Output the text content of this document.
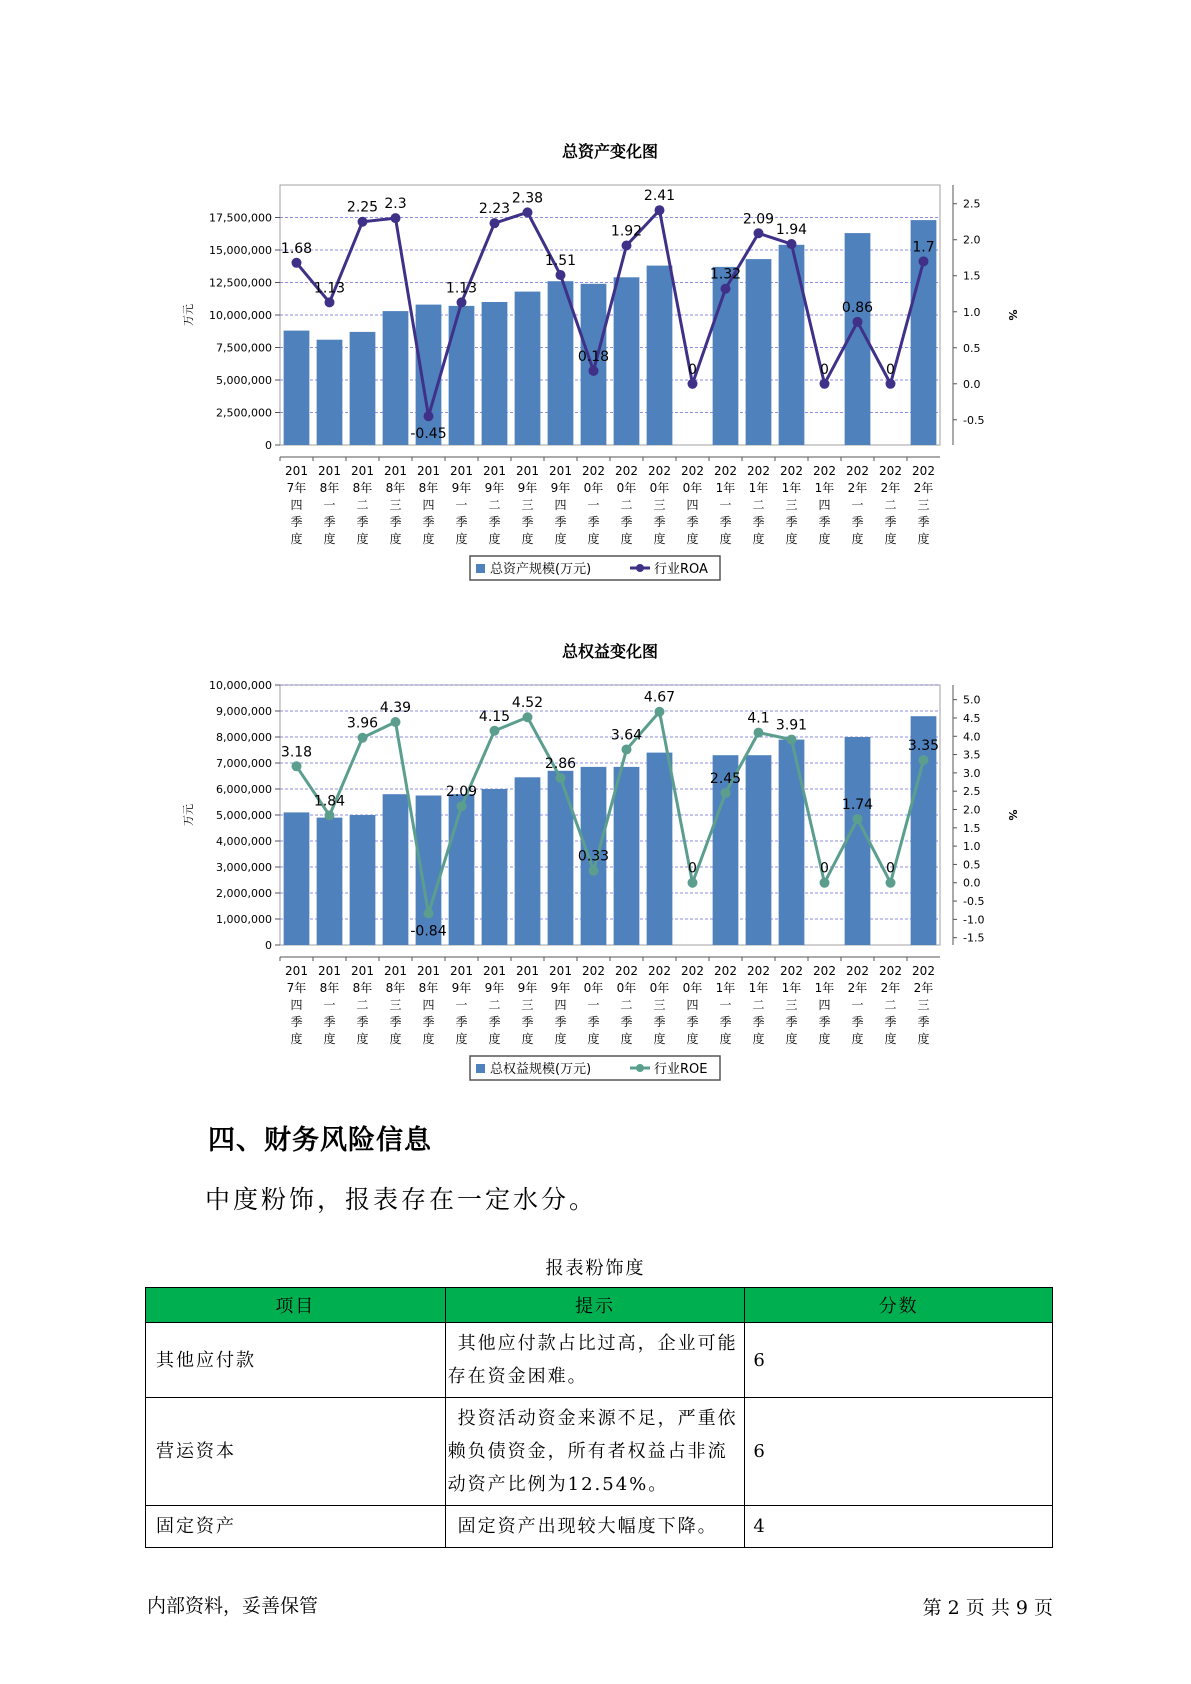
总资产变化图
0
2,500,000
5,000,000
7,500,000
10,000,000
12,500,000
15,000,000
17,500,000
万元
-0.5
0.0
0.5
1.0
1.5
2.0
2.5
%
201
7年
四
季
度
201
8年
一
季
度
201
8年
二
季
度
201
8年
三
季
度
201
8年
四
季
度
201
9年
一
季
度
201
9年
二
季
度
201
9年
三
季
度
201
9年
四
季
度
202
0年
一
季
度
202
0年
二
季
度
202
0年
三
季
度
202
0年
四
季
度
202
1年
一
季
度
202
1年
二
季
度
202
1年
三
季
度
202
1年
四
季
度
202
2年
一
季
度
202
2年
二
季
度
202
2年
三
季
度
1.68
1.13
2.25 2.3
-0.45
1.13
2.23
2.38
1.51
0.18
1.92
2.41
0
1.32
2.09
1.94
0
0.86
0
1.7
总资产规模(万元)	行业ROA
总权益变化图
0
1,000,000
2,000,000
3,000,000
4,000,000
5,000,000
6,000,000
7,000,000
8,000,000
9,000,000
10,000,000
万元
-1.5
-1.0
-0.5
0.0
0.5
1.0
1.5
2.0
2.5
3.0
3.5
4.0
4.5
5.0
%
201
7年
四
季
度
201
8年
一
季
度
201
8年
二
季
度
201
8年
三
季
度
201
8年
四
季
度
201
9年
一
季
度
201
9年
二
季
度
201
9年
三
季
度
201
9年
四
季
度
202
0年
一
季
度
202
0年
二
季
度
202
0年
三
季
度
202
0年
四
季
度
202
1年
一
季
度
202
1年
二
季
度
202
1年
三
季
度
202
1年
四
季
度
202
2年
一
季
度
202
2年
二
季
度
202
2年
三
季
度
3.18
1.84
3.96
4.39
-0.84
2.09
4.15
4.52
2.86
0.33
3.64
4.67
0
2.45
4.1 3.91
0
1.74
0
3.35
总权益规模(万元)	行业ROE
四、财务风险信息
中度粉饰，报表存在一定水分。
报表粉饰度
项目	提示	分数
其他应付款	其他应付款占比过高，企业可能存在资金困难。	6
营运资本	投资活动资金来源不足，严重依赖负债资金，所有者权益占非流动资产比例为12.54%。	6
固定资产	固定资产出现较大幅度下降。	4
内部资料，妥善保管	第 2 页 共 9 页
